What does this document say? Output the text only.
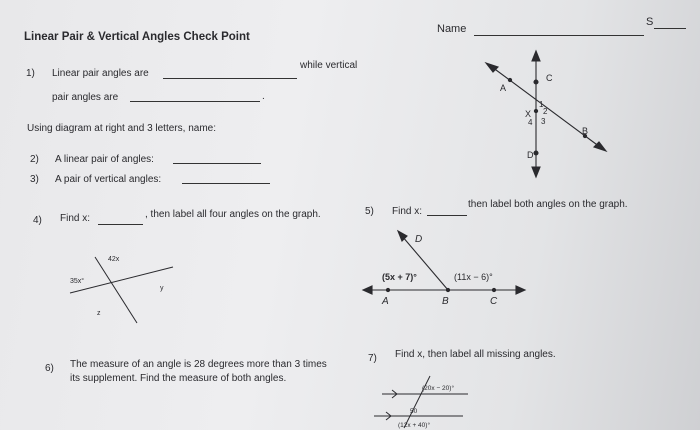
Linear Pair & Vertical Angles Check Point
Name
S
1) Linear pair angles are
while vertical
pair angles are	.
Using diagram at right and 3 letters, name:
2) A linear pair of angles:
3) A pair of vertical angles:
C
A
B
D
X
1
2
3
4
4) Find x:	, then label all four angles on the graph.
42x
35x°
y
z
5) Find x:
then label both angles on the graph.
D
A	B	C
(5x + 7)°	(11x − 6)°
6) The measure of an angle is 28 degrees more than 3 times
its supplement. Find the measure of both angles.
7) Find x, then label all missing angles.
(20x − 20)°
50
(12x + 40)°
